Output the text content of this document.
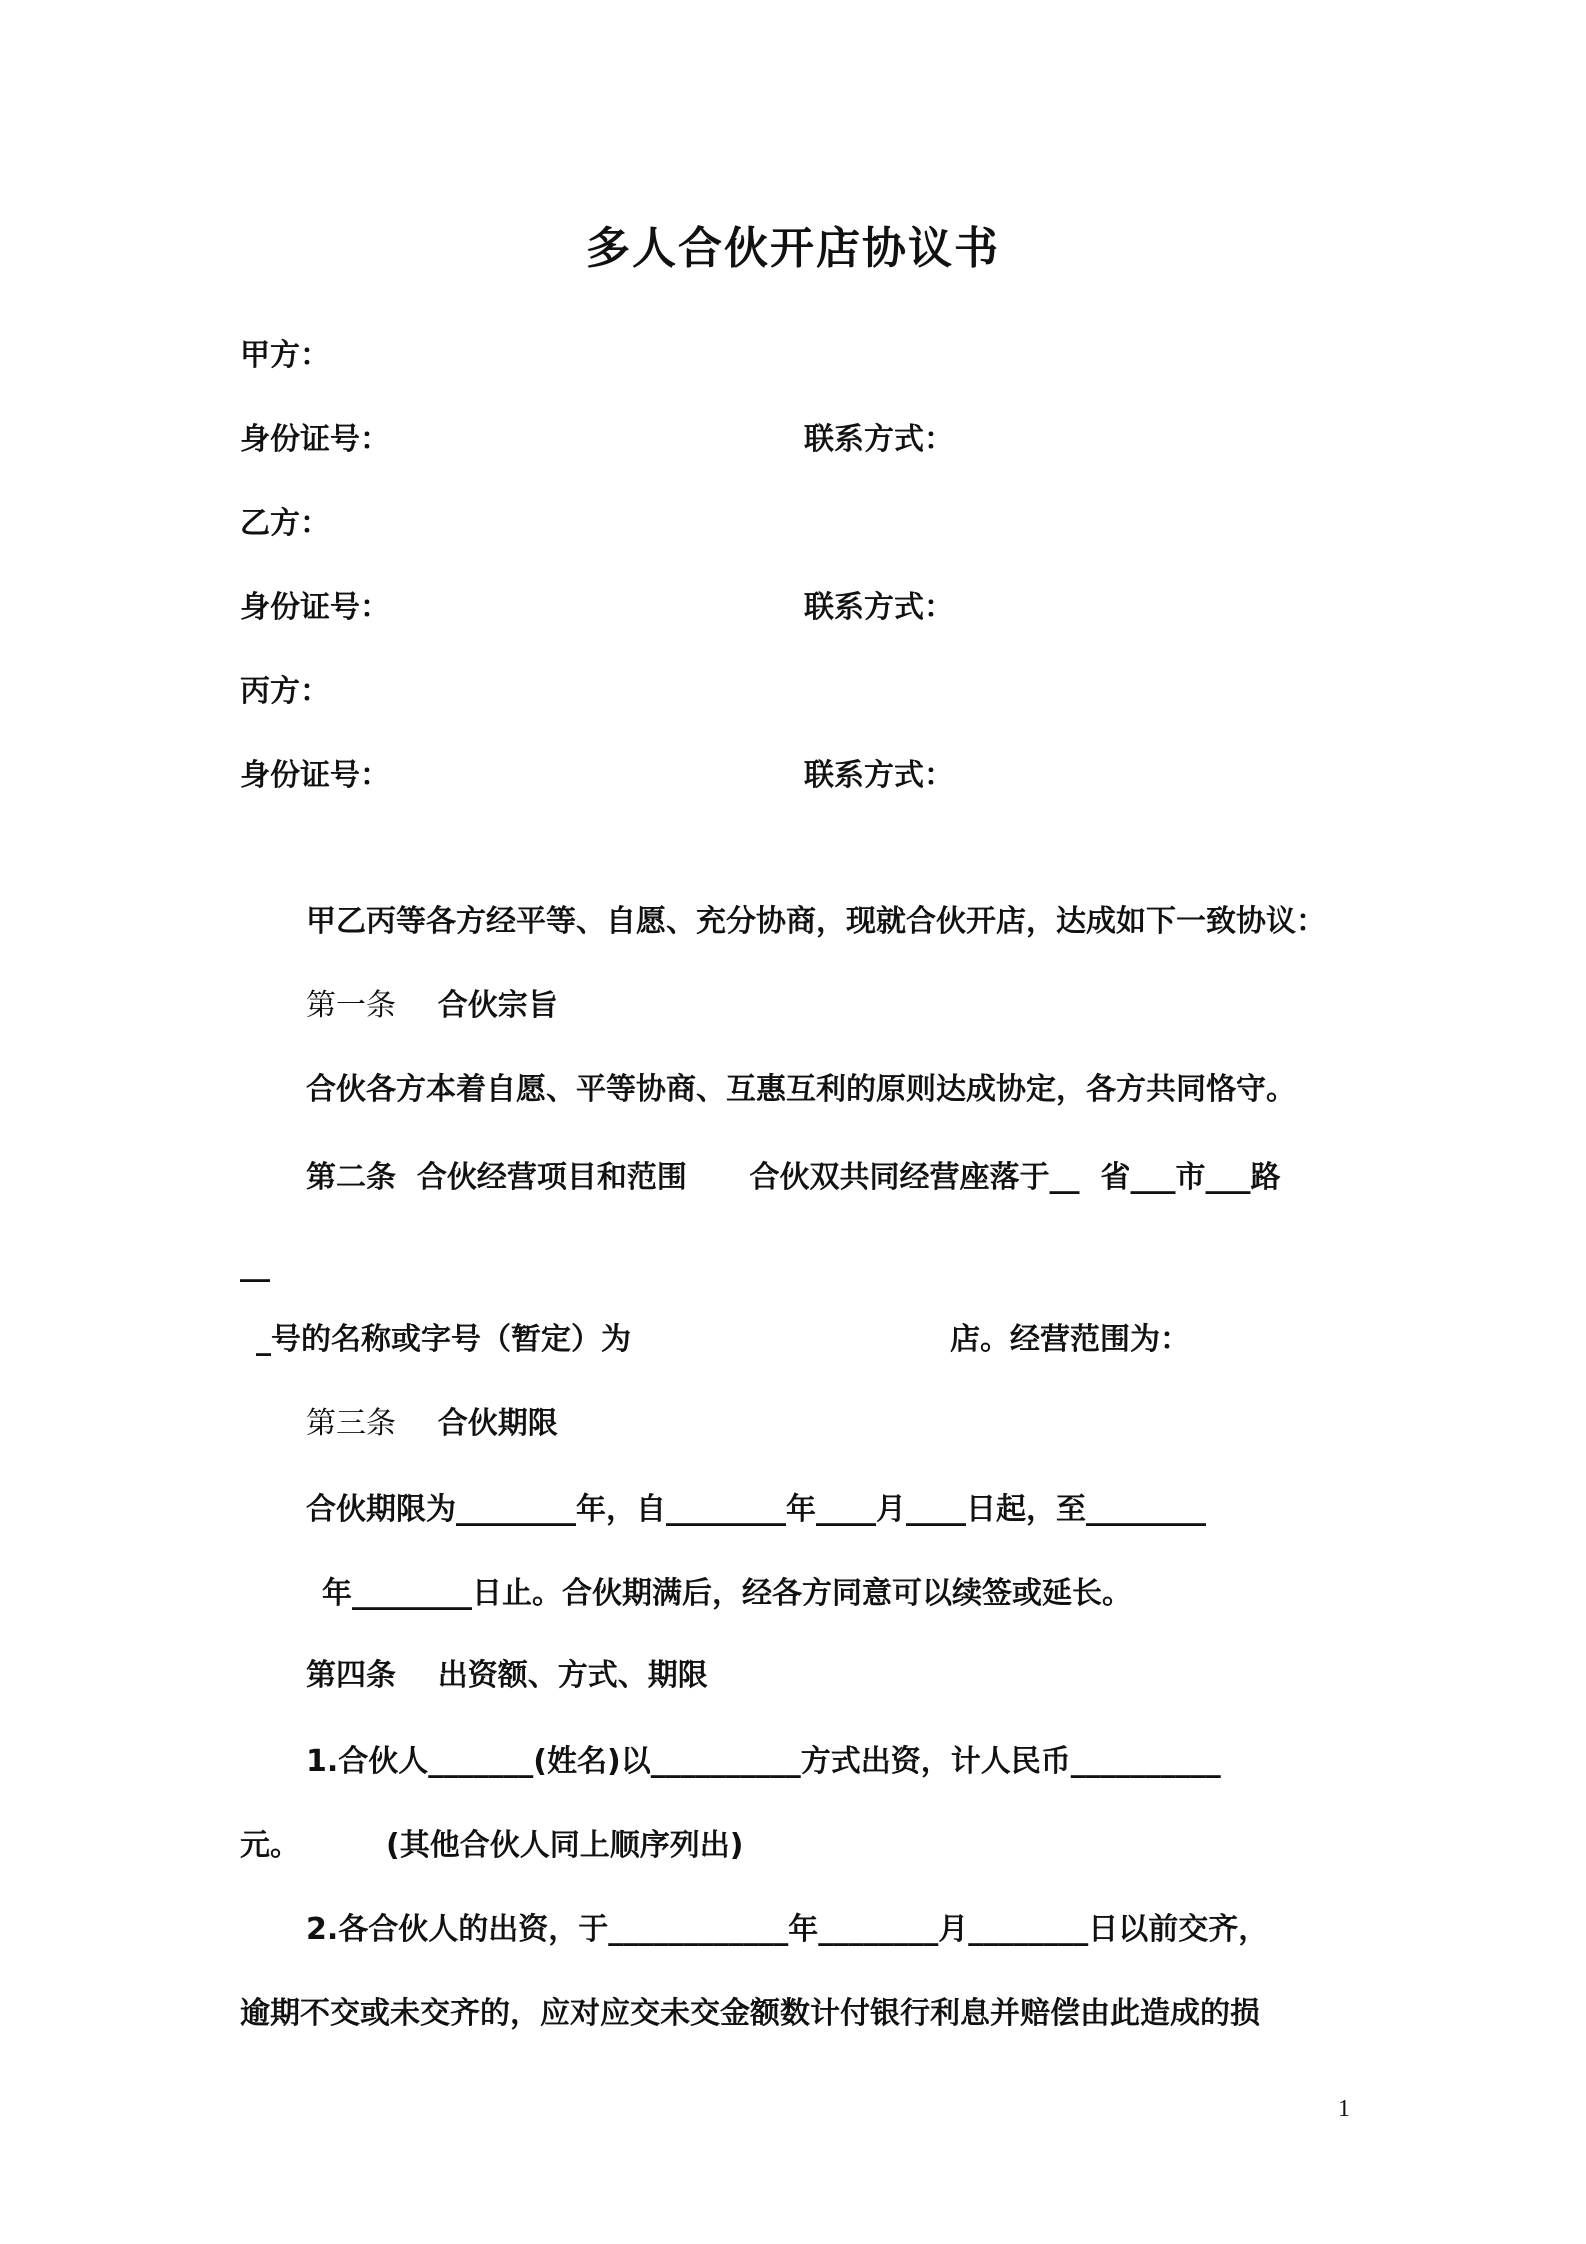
多人合伙开店协议书
甲方：
身份证号：	联系方式：
乙方：
身份证号：	联系方式：
丙方：
身份证号：	联系方式：
甲乙丙等各方经平等、自愿、充分协商，现就合伙开店，达成如下一致协议：
第一条 合伙宗旨
合伙各方本着自愿、平等协商、互惠互利的原则达成协定，各方共同恪守。
第二条  合伙经营项目和范围      合伙双共同经营座落于__  省___市___路
__
_号的名称或字号（暂定）为	店。经营范围为：
第三条 合伙期限
合伙期限为________年，自________年____月____日起，至________
年________日止。合伙期满后，经各方同意可以续签或延长。
第四条    出资额、方式、期限
1.合伙人_______(姓名)以__________方式出资，计人民币__________
元。	(其他合伙人同上顺序列出)
2.各合伙人的出资，于____________年________月________日以前交齐，
逾期不交或未交齐的，应对应交未交金额数计付银行利息并赔偿由此造成的损
1
